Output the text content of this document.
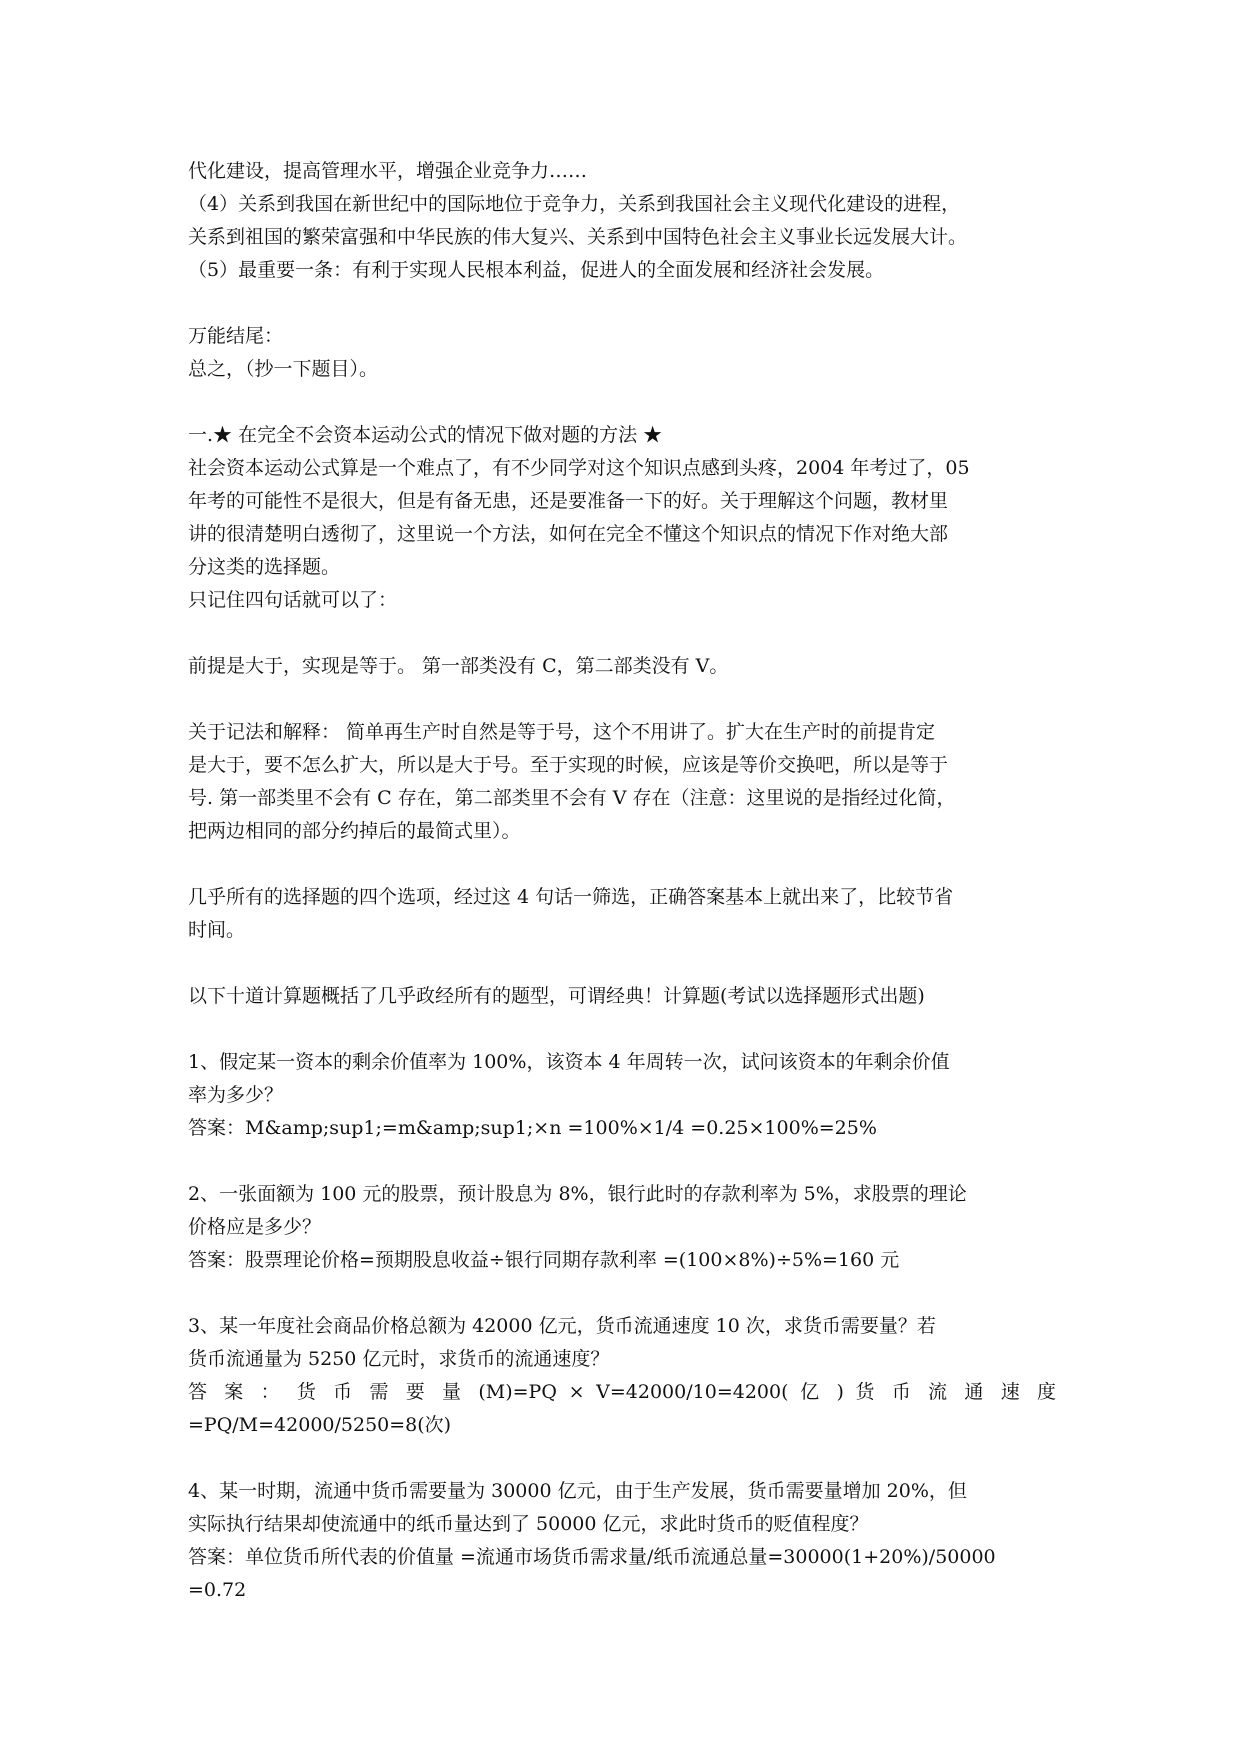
代化建设，提高管理水平，增强企业竞争力……
（4）关系到我国在新世纪中的国际地位于竞争力，关系到我国社会主义现代化建设的进程，
关系到祖国的繁荣富强和中华民族的伟大复兴、关系到中国特色社会主义事业长远发展大计。
（5）最重要一条：有利于实现人民根本利益，促进人的全面发展和经济社会发展。
万能结尾：
总之，（抄一下题目）。
一.★ 在完全不会资本运动公式的情况下做对题的方法 ★
社会资本运动公式算是一个难点了，有不少同学对这个知识点感到头疼，2004 年考过了，05
年考的可能性不是很大，但是有备无患，还是要准备一下的好。关于理解这个问题，教材里
讲的很清楚明白透彻了，这里说一个方法，如何在完全不懂这个知识点的情况下作对绝大部
分这类的选择题。
只记住四句话就可以了：
前提是大于，实现是等于。 第一部类没有 C，第二部类没有 V。
关于记法和解释： 简单再生产时自然是等于号，这个不用讲了。扩大在生产时的前提肯定
是大于，要不怎么扩大，所以是大于号。至于实现的时候，应该是等价交换吧，所以是等于
号. 第一部类里不会有 C 存在，第二部类里不会有 V 存在（注意：这里说的是指经过化简，
把两边相同的部分约掉后的最简式里）。
几乎所有的选择题的四个选项，经过这 4 句话一筛选，正确答案基本上就出来了，比较节省
时间。
以下十道计算题概括了几乎政经所有的题型，可谓经典！计算题(考试以选择题形式出题)
1、假定某一资本的剩余价值率为 100%，该资本 4 年周转一次，试问该资本的年剩余价值
率为多少？
答案：M&amp;sup1;=m&amp;sup1;×n =100%×1/4 =0.25×100%=25%
2、一张面额为 100 元的股票，预计股息为 8%，银行此时的存款利率为 5%，求股票的理论
价格应是多少？
答案：股票理论价格=预期股息收益÷银行同期存款利率 =(100×8%)÷5%=160 元
3、某一年度社会商品价格总额为 42000 亿元，货币流通速度 10 次，求货币需要量？若
货币流通量为 5250 亿元时，求货币的流通速度？
答 案 ： 货 币 需 要 量 (M)=PQ × V=42000/10=4200( 亿 ) 货 币 流 通 速 度
=PQ/M=42000/5250=8(次)
4、某一时期，流通中货币需要量为 30000 亿元，由于生产发展，货币需要量增加 20%，但
实际执行结果却使流通中的纸币量达到了 50000 亿元，求此时货币的贬值程度？
答案：单位货币所代表的价值量 =流通市场货币需求量/纸币流通总量=30000(1+20%)/50000
=0.72
